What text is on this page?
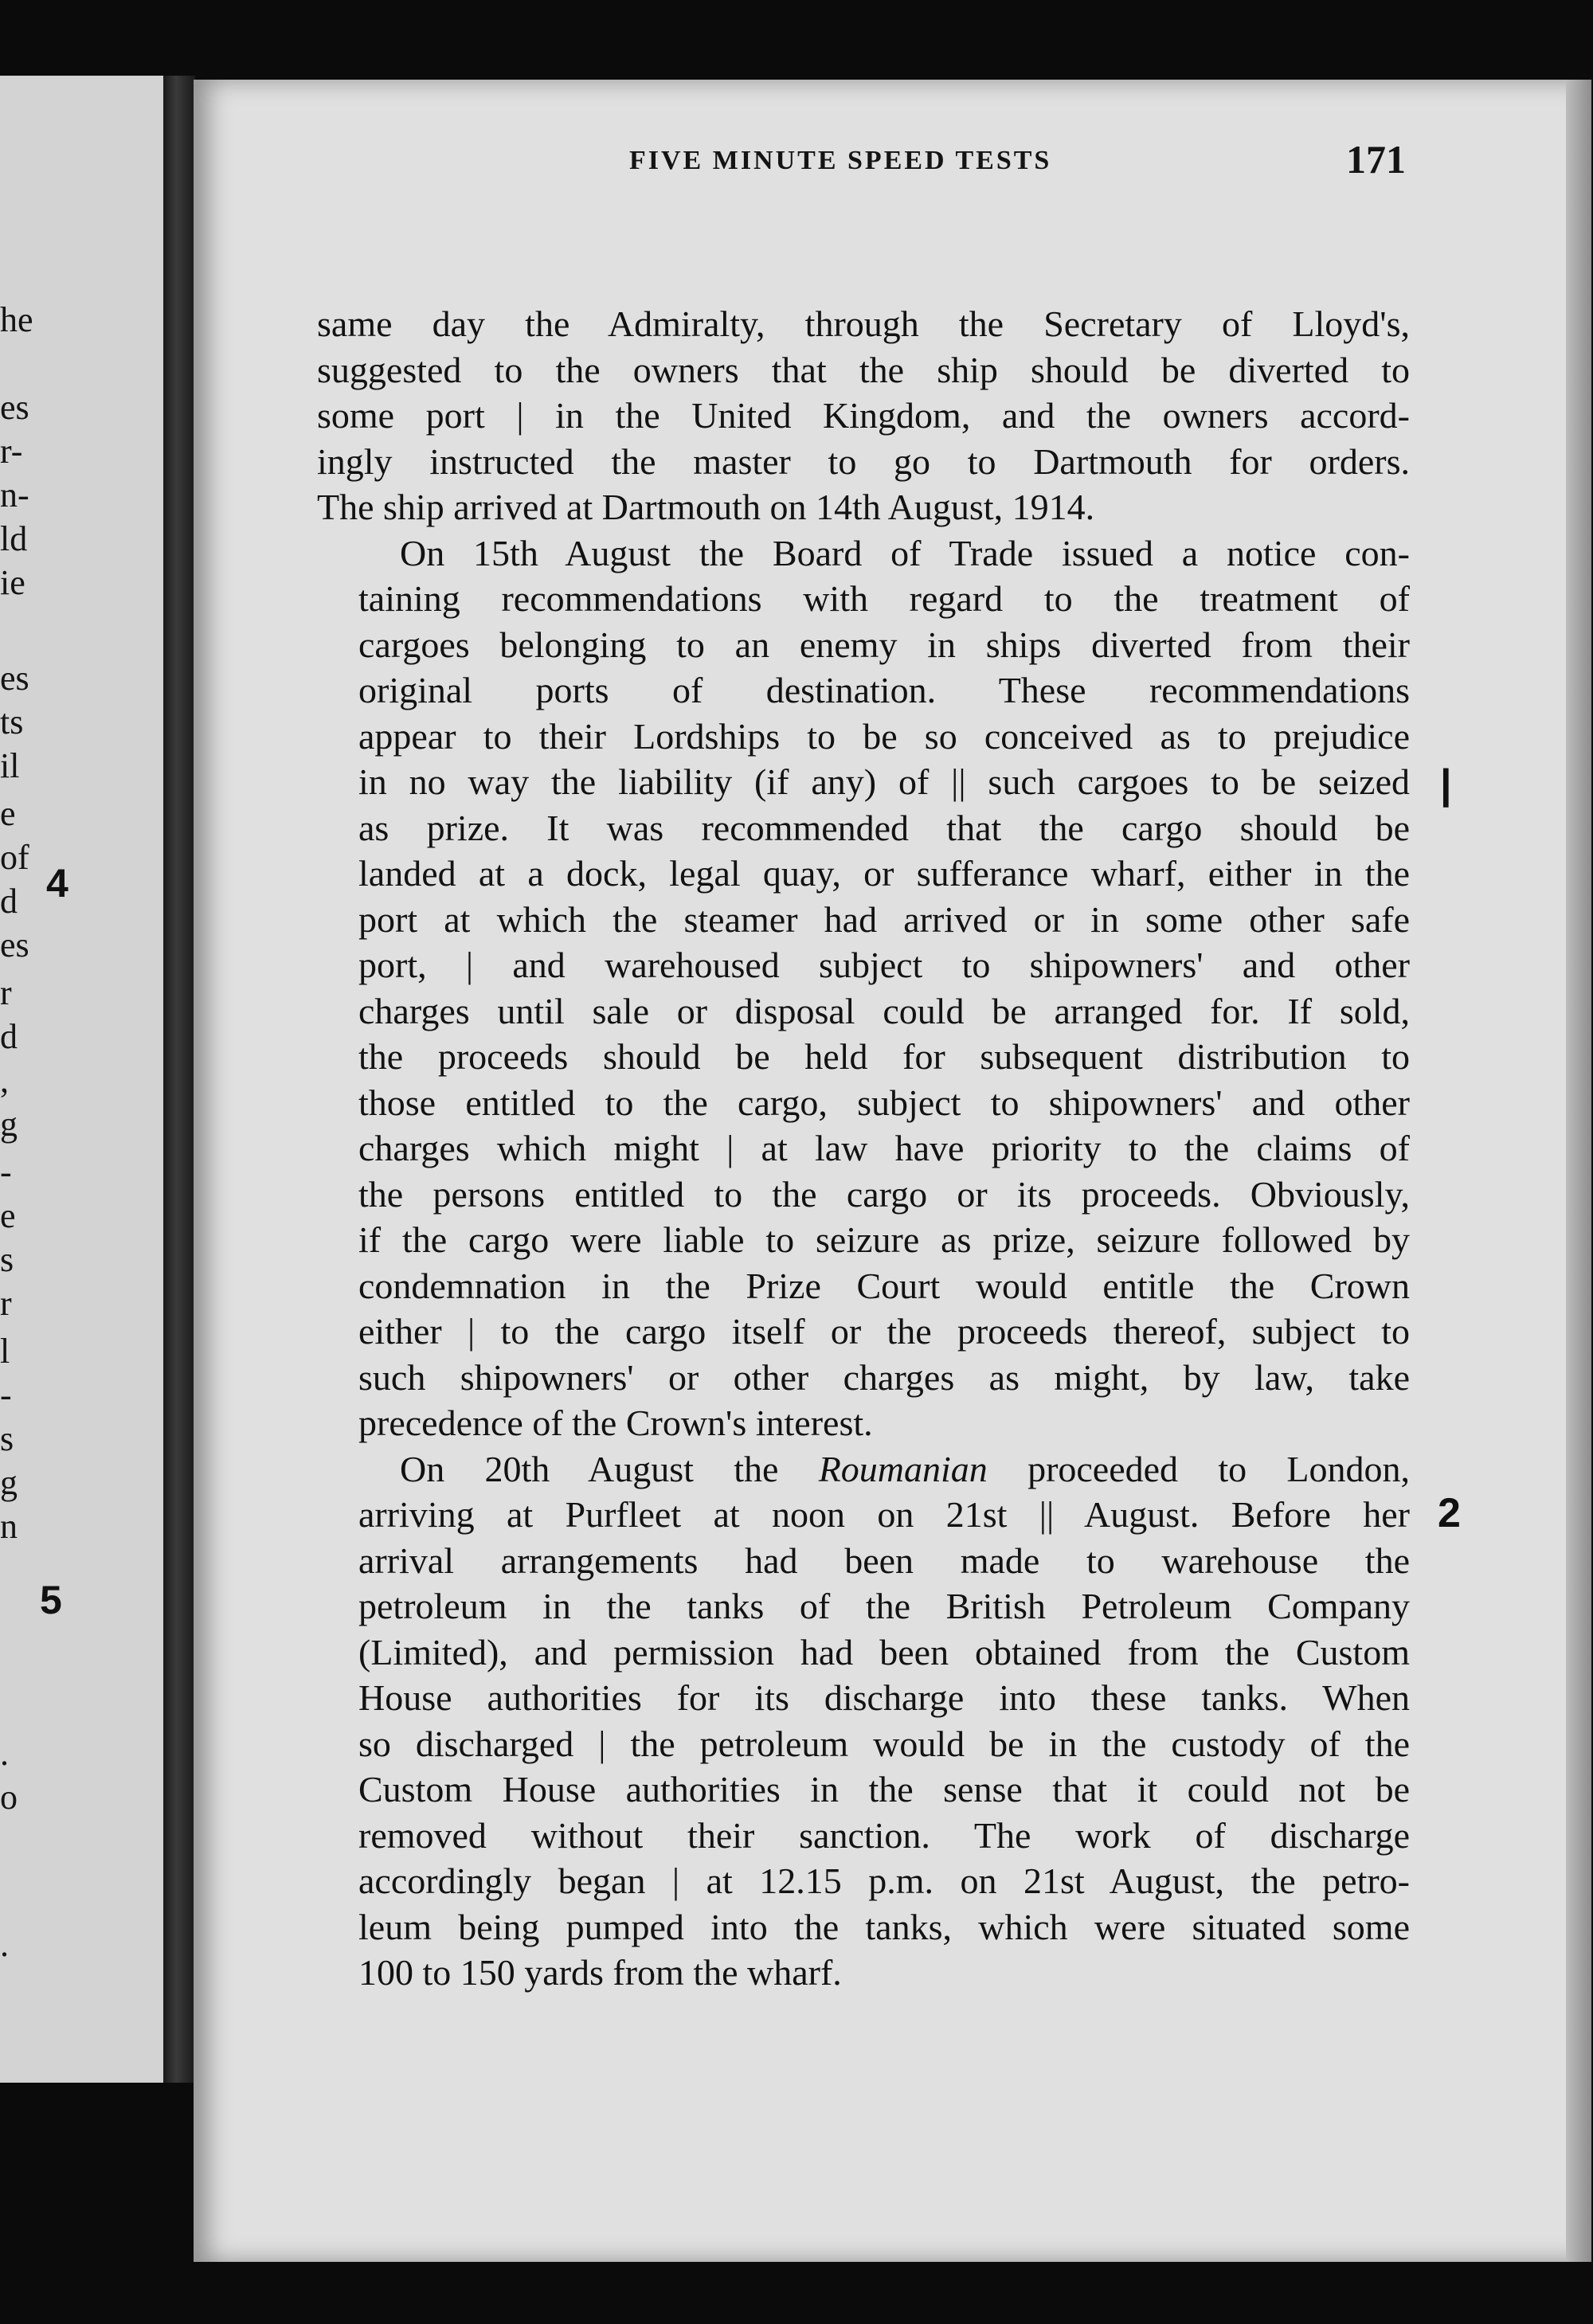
he
es
r-
n-
ld
ie
es
ts
il
e
of
d
es
r
d
,
g
-
e
s
r
l
-
s
g
n
.
o
.
4
5
FIVE MINUTE SPEED TESTS	171
same day the Admiralty, through the Secretary of Lloyd's,
suggested to the owners that the ship should be diverted to
some port | in the United Kingdom, and the owners accord-
ingly instructed the master to go to Dartmouth for orders.
The ship arrived at Dartmouth on 14th August, 1914.
On 15th August the Board of Trade issued a notice con-
taining recommendations with regard to the treatment of
cargoes belonging to an enemy in ships diverted from their
original ports of destination. These recommendations
appear to their Lordships to be so conceived as to prejudice
in no way the liability (if any) of || such cargoes to be seized
as prize. It was recommended that the cargo should be
landed at a dock, legal quay, or sufferance wharf, either in the
port at which the steamer had arrived or in some other safe
port, | and warehoused subject to shipowners' and other
charges until sale or disposal could be arranged for. If sold,
the proceeds should be held for subsequent distribution to
those entitled to the cargo, subject to shipowners' and other
charges which might | at law have priority to the claims of
the persons entitled to the cargo or its proceeds. Obviously,
if the cargo were liable to seizure as prize, seizure followed by
condemnation in the Prize Court would entitle the Crown
either | to the cargo itself or the proceeds thereof, subject to
such shipowners' or other charges as might, by law, take
precedence of the Crown's interest.
On 20th August the Roumanian proceeded to London,
arriving at Purfleet at noon on 21st || August. Before her
arrival arrangements had been made to warehouse the
petroleum in the tanks of the British Petroleum Company
(Limited), and permission had been obtained from the Custom
House authorities for its discharge into these tanks. When
so discharged | the petroleum would be in the custody of the
Custom House authorities in the sense that it could not be
removed without their sanction. The work of discharge
accordingly began | at 12.15 p.m. on 21st August, the petro-
leum being pumped into the tanks, which were situated some
100 to 150 yards from the wharf.
|
2
